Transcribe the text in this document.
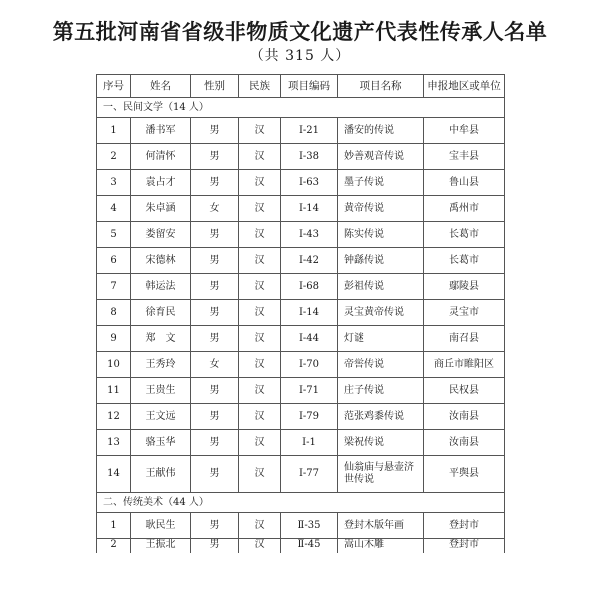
第五批河南省省级非物质文化遗产代表性传承人名单
（共 315 人）
序号	姓名	性别	民族	项目编码	项目名称	申报地区或单位
一、民间文学（14 人）						
1	潘书军	男	汉	Ⅰ-21	潘安的传说	中牟县
2	何清怀	男	汉	Ⅰ-38	妙善观音传说	宝丰县
3	袁占才	男	汉	Ⅰ-63	墨子传说	鲁山县
4	朱卓涵	女	汉	Ⅰ-14	黄帝传说	禹州市
5	娄留安	男	汉	Ⅰ-43	陈实传说	长葛市
6	宋德林	男	汉	Ⅰ-42	钟繇传说	长葛市
7	韩运法	男	汉	Ⅰ-68	彭祖传说	鄢陵县
8	徐育民	男	汉	Ⅰ-14	灵宝黄帝传说	灵宝市
9	郑　文	男	汉	Ⅰ-44	灯谜	南召县
10	王秀玲	女	汉	Ⅰ-70	帝喾传说	商丘市睢阳区
11	王贵生	男	汉	Ⅰ-71	庄子传说	民权县
12	王文远	男	汉	Ⅰ-79	范张鸡黍传说	汝南县
13	骆玉华	男	汉	Ⅰ-1	梁祝传说	汝南县
14	王献伟	男	汉	Ⅰ-77	仙翁庙与悬壶济世传说	平舆县
二、传统美术（44 人）						
1	耿民生	男	汉	Ⅱ-35	登封木版年画	登封市
2	王振北	男	汉	Ⅱ-45	嵩山木雕	登封市
